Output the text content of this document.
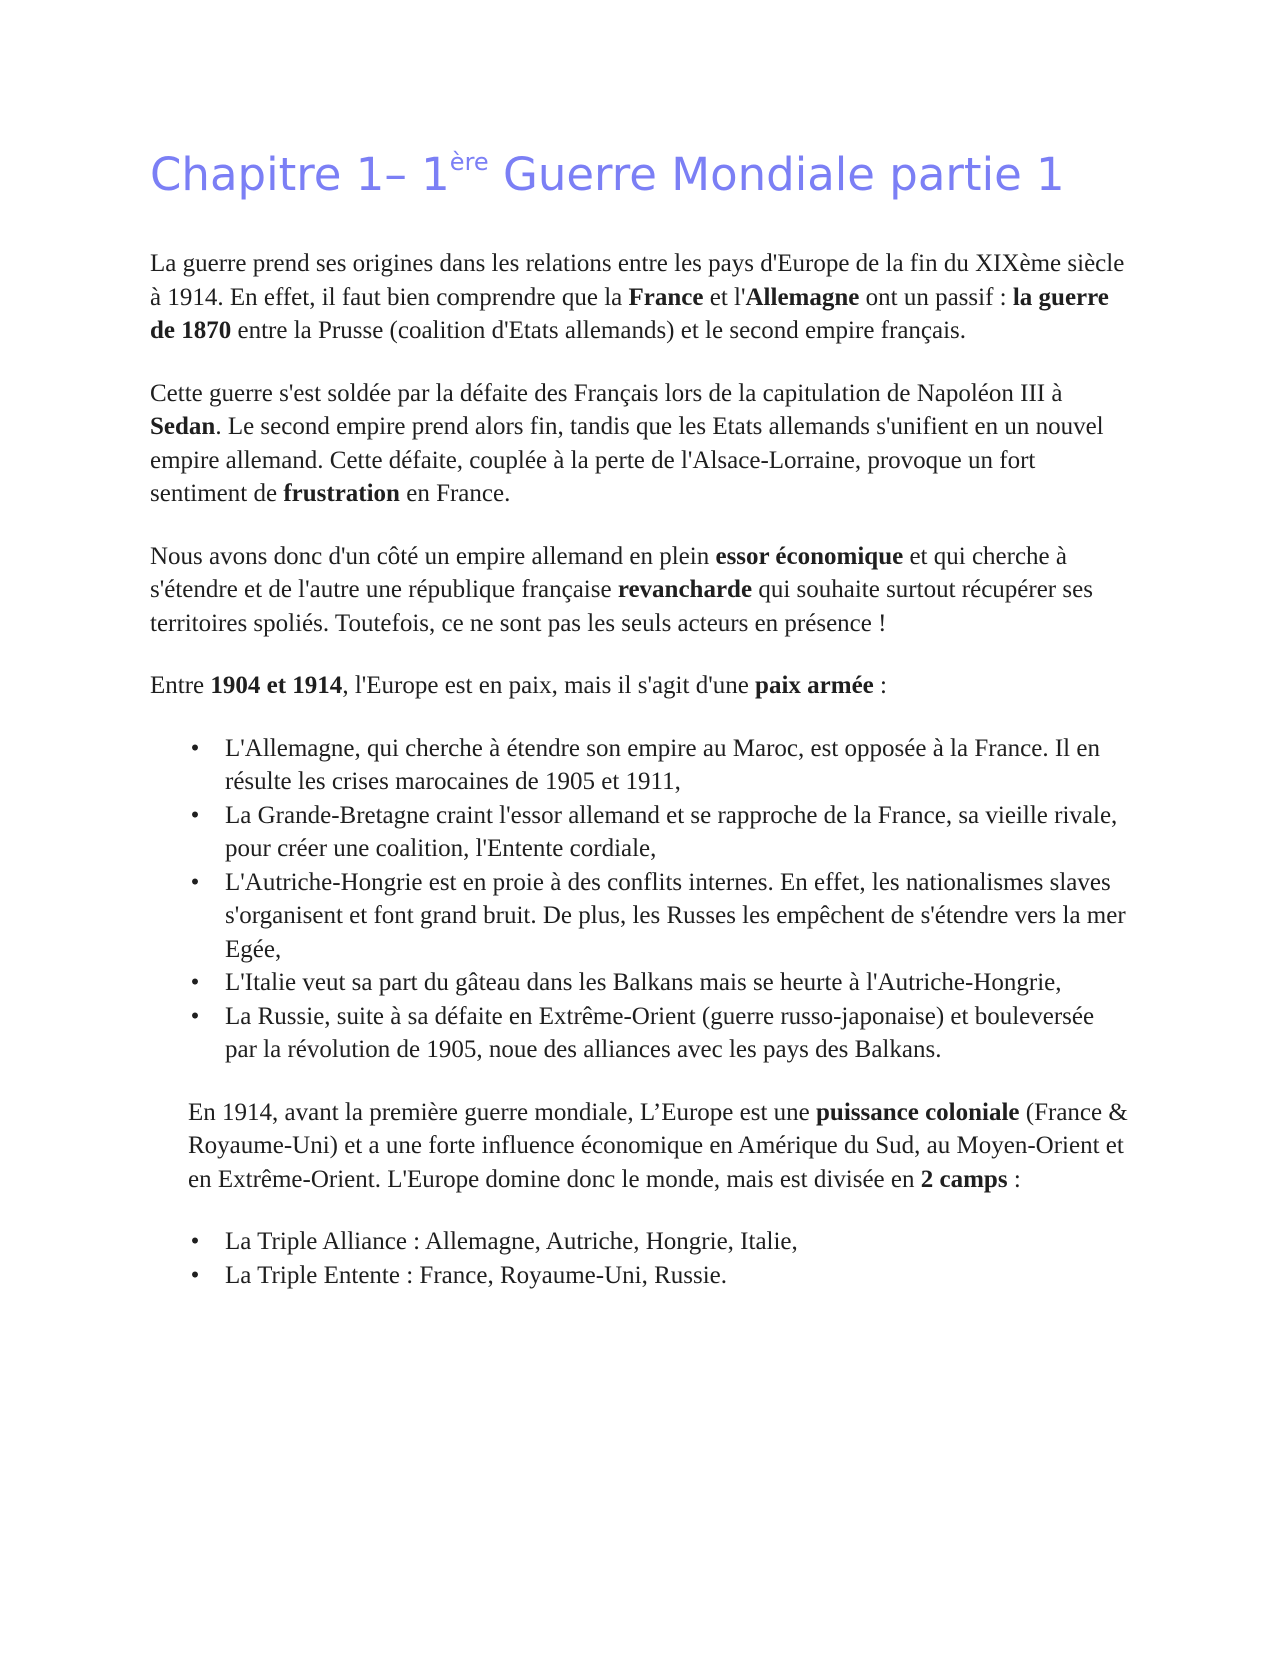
Chapitre 1– 1ère Guerre Mondiale partie 1

La guerre prend ses origines dans les relations entre les pays d'Europe de la fin du XIXème siècle à 1914. En effet, il faut bien comprendre que la France et l'Allemagne ont un passif : la guerre de 1870 entre la Prusse (coalition d'Etats allemands) et le second empire français.

Cette guerre s'est soldée par la défaite des Français lors de la capitulation de Napoléon III à Sedan. Le second empire prend alors fin, tandis que les Etats allemands s'unifient en un nouvel empire allemand. Cette défaite, couplée à la perte de l'Alsace-Lorraine, provoque un fort sentiment de frustration en France.

Nous avons donc d'un côté un empire allemand en plein essor économique et qui cherche à s'étendre et de l'autre une république française revancharde qui souhaite surtout récupérer ses territoires spoliés. Toutefois, ce ne sont pas les seuls acteurs en présence !

Entre 1904 et 1914, l'Europe est en paix, mais il s'agit d'une paix armée :

• L'Allemagne, qui cherche à étendre son empire au Maroc, est opposée à la France. Il en résulte les crises marocaines de 1905 et 1911,
• La Grande-Bretagne craint l'essor allemand et se rapproche de la France, sa vieille rivale, pour créer une coalition, l'Entente cordiale,
• L'Autriche-Hongrie est en proie à des conflits internes. En effet, les nationalismes slaves s'organisent et font grand bruit. De plus, les Russes les empêchent de s'étendre vers la mer Egée,
• L'Italie veut sa part du gâteau dans les Balkans mais se heurte à l'Autriche-Hongrie,
• La Russie, suite à sa défaite en Extrême-Orient (guerre russo-japonaise) et bouleversée par la révolution de 1905, noue des alliances avec les pays des Balkans.

En 1914, avant la première guerre mondiale, L’Europe est une puissance coloniale (France & Royaume-Uni) et a une forte influence économique en Amérique du Sud, au Moyen-Orient et en Extrême-Orient. L'Europe domine donc le monde, mais est divisée en 2 camps :

• La Triple Alliance : Allemagne, Autriche, Hongrie, Italie,
• La Triple Entente : France, Royaume-Uni, Russie.
